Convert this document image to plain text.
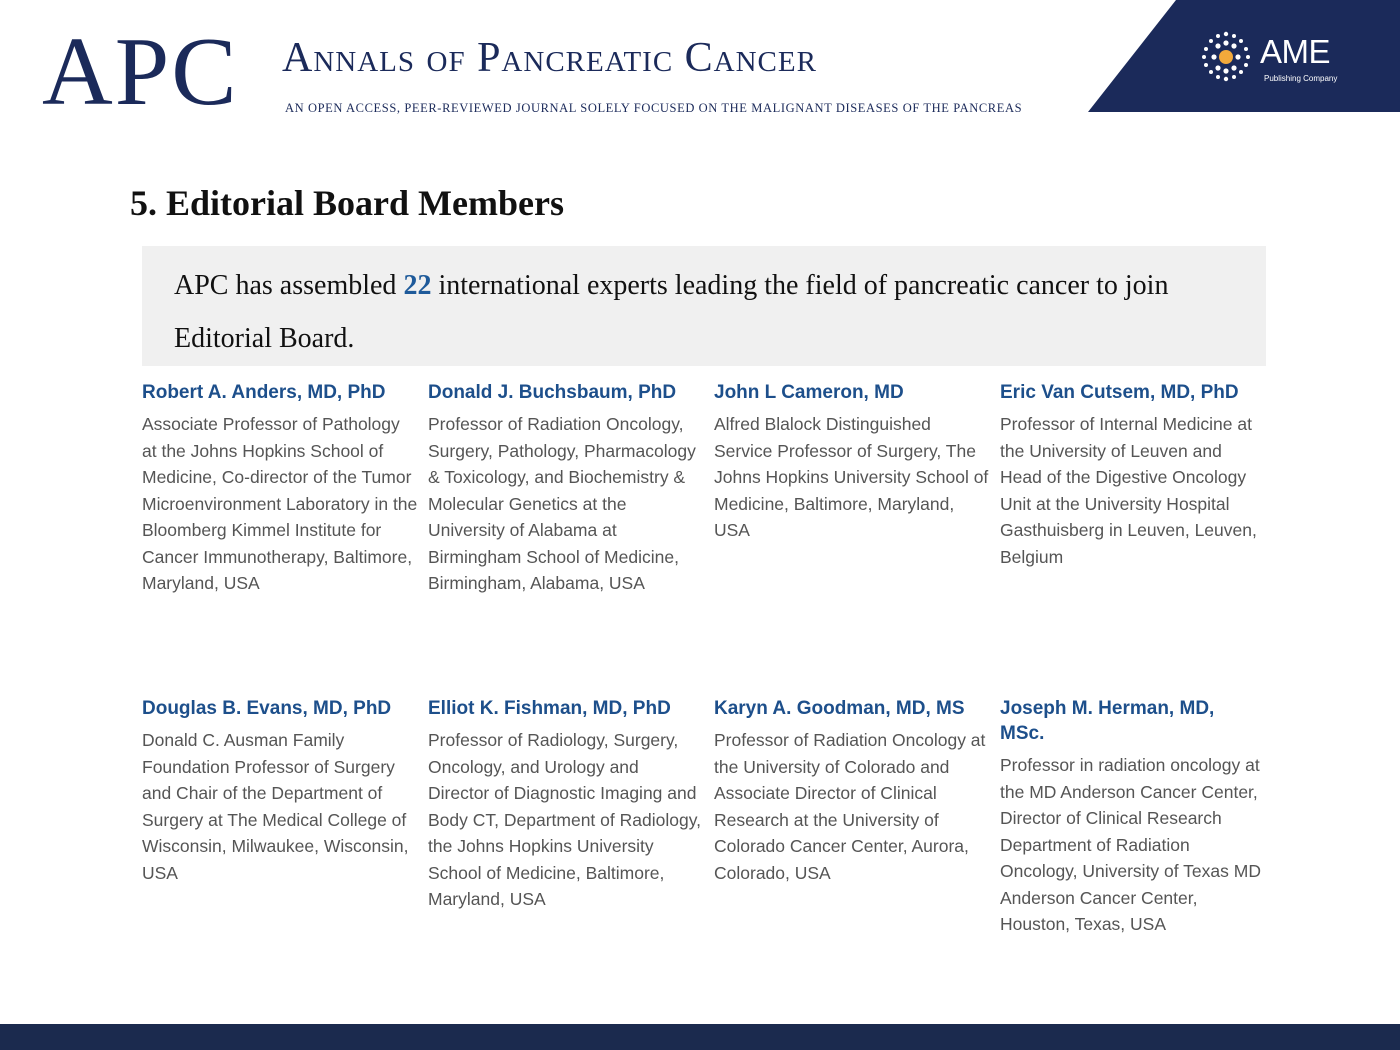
APC Annals of Pancreatic Cancer

AN OPEN ACCESS, PEER-REVIEWED JOURNAL SOLELY FOCUSED ON THE MALIGNANT DISEASES OF THE PANCREAS

AME
Publishing Company
5. Editorial Board Members

APC has assembled 22 international experts leading the field of pancreatic cancer to join Editorial Board.

Robert A. Anders, MD, PhD

Associate Professor of Pathology at the Johns Hopkins School of Medicine, Co-director of the Tumor Microenvironment Laboratory in the Bloomberg Kimmel Institute for Cancer Immunotherapy, Baltimore, Maryland, USA

Donald J. Buchsbaum, PhD

Professor of Radiation Oncology, Surgery, Pathology, Pharmacology & Toxicology, and Biochemistry & Molecular Genetics at the University of Alabama at Birmingham School of Medicine, Birmingham, Alabama, USA

John L Cameron, MD

Alfred Blalock Distinguished Service Professor of Surgery, The Johns Hopkins University School of Medicine, Baltimore, Maryland, USA

Eric Van Cutsem, MD, PhD

Professor of Internal Medicine at the University of Leuven and Head of the Digestive Oncology Unit at the University Hospital Gasthuisberg in Leuven, Leuven, Belgium

Douglas B. Evans, MD, PhD

Donald C. Ausman Family Foundation Professor of Surgery and Chair of the Department of Surgery at The Medical College of Wisconsin, Milwaukee, Wisconsin, USA

Elliot K. Fishman, MD, PhD

Professor of Radiology, Surgery, Oncology, and Urology and Director of Diagnostic Imaging and Body CT, Department of Radiology, the Johns Hopkins University School of Medicine, Baltimore, Maryland, USA

Karyn A. Goodman, MD, MS

Professor of Radiation Oncology at the University of Colorado and Associate Director of Clinical Research at the University of Colorado Cancer Center, Aurora, Colorado, USA

Joseph M. Herman, MD, MSc.

Professor in radiation oncology at the MD Anderson Cancer Center, Director of Clinical Research Department of Radiation Oncology, University of Texas MD Anderson Cancer Center, Houston, Texas, USA
